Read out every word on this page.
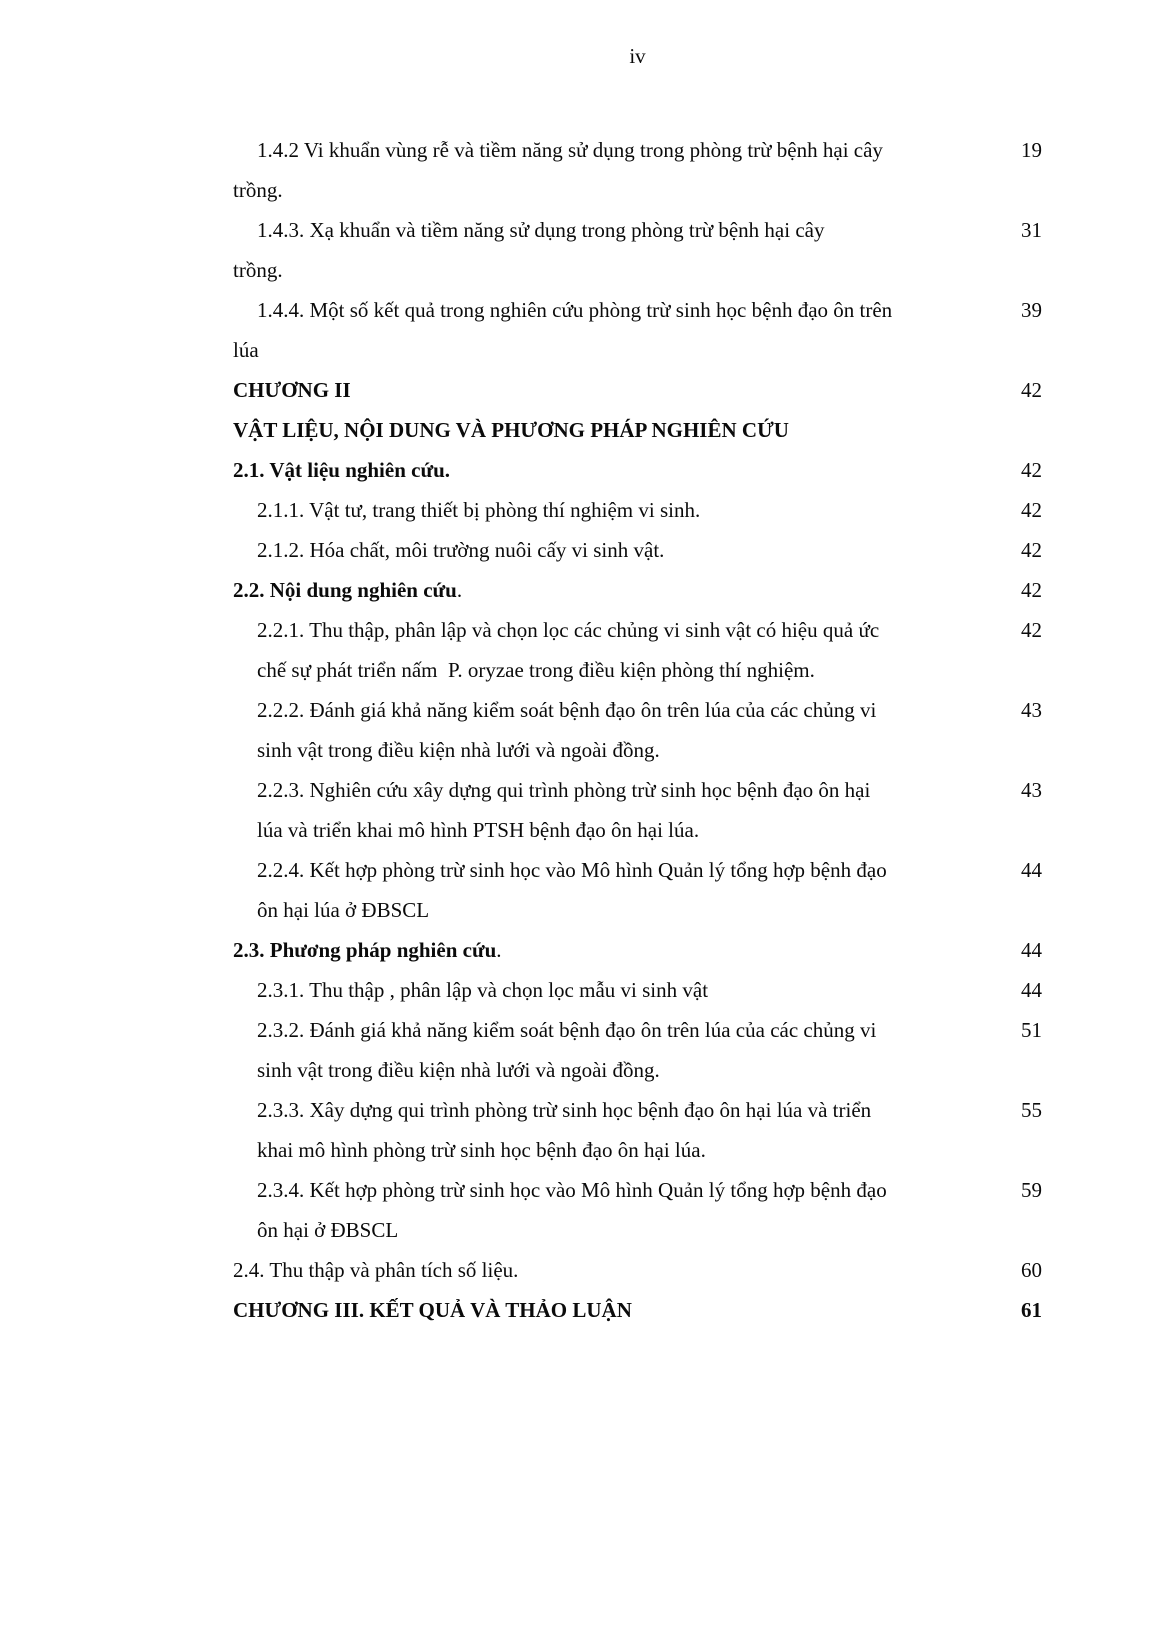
iv
1.4.2 Vi khuẩn vùng rễ và tiềm năng sử dụng trong phòng trừ bệnh hại cây	19
trồng.
1.4.3. Xạ khuẩn và tiềm năng sử dụng trong phòng trừ bệnh hại cây	31
trồng.
1.4.4. Một số kết quả trong nghiên cứu phòng trừ sinh học bệnh đạo ôn trên	39
lúa
CHƯƠNG II	42
VẬT LIỆU, NỘI DUNG VÀ PHƯƠNG PHÁP NGHIÊN CỨU
2.1. Vật liệu nghiên cứu.	42
2.1.1. Vật tư, trang thiết bị phòng thí nghiệm vi sinh.	42
2.1.2. Hóa chất, môi trường nuôi cấy vi sinh vật.	42
2.2. Nội dung nghiên cứu.	42
2.2.1. Thu thập, phân lập và chọn lọc các chủng vi sinh vật có hiệu quả ức	42
chế sự phát triển nấm  P. oryzae trong điều kiện phòng thí nghiệm.
2.2.2. Đánh giá khả năng kiểm soát bệnh đạo ôn trên lúa của các chủng vi	43
sinh vật trong điều kiện nhà lưới và ngoài đồng.
2.2.3. Nghiên cứu xây dựng qui trình phòng trừ sinh học bệnh đạo ôn hại	43
lúa và triển khai mô hình PTSH bệnh đạo ôn hại lúa.
2.2.4. Kết hợp phòng trừ sinh học vào Mô hình Quản lý tổng hợp bệnh đạo	44
ôn hại lúa ở ĐBSCL
2.3. Phương pháp nghiên cứu.	44
2.3.1. Thu thập , phân lập và chọn lọc mẫu vi sinh vật	44
2.3.2. Đánh giá khả năng kiểm soát bệnh đạo ôn trên lúa của các chủng vi	51
sinh vật trong điều kiện nhà lưới và ngoài đồng.
2.3.3. Xây dựng qui trình phòng trừ sinh học bệnh đạo ôn hại lúa và triển	55
khai mô hình phòng trừ sinh học bệnh đạo ôn hại lúa.
2.3.4. Kết hợp phòng trừ sinh học vào Mô hình Quản lý tổng hợp bệnh đạo	59
ôn hại ở ĐBSCL
2.4. Thu thập và phân tích số liệu.	60
CHƯƠNG III. KẾT QUẢ VÀ THẢO LUẬN	61
